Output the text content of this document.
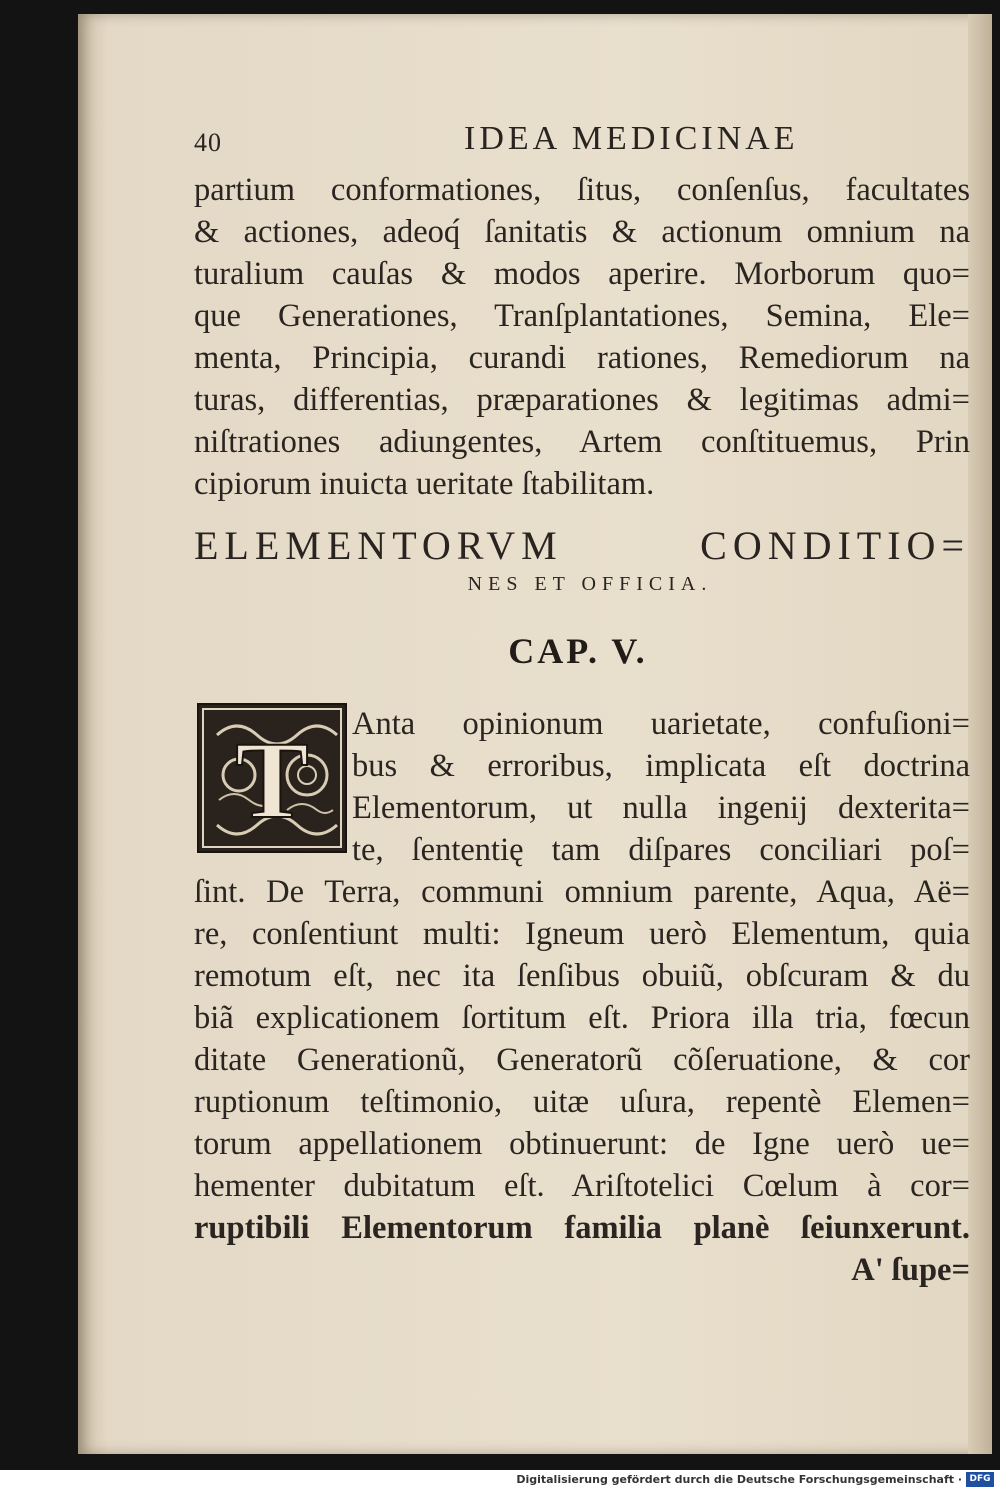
40	IDEA MEDICINAE
partium conformationes, ſitus, conſenſus, facultates
& actiones, adeoq́ ſanitatis & actionum omnium na
turalium cauſas & modos aperire. Morborum quo=
que Generationes, Tranſplantationes, Semina, Ele=
menta, Principia, curandi rationes, Remediorum na
turas, differentias, præparationes & legitimas admi=
niſtrationes adiungentes, Artem conſtituemus, Prin
cipiorum inuicta ueritate ſtabilitam.
ELEMENTORVM CONDITIO=
NES ET OFFICIA.
CAP. V.
T Anta opinionum uarietate, confuſioni=
bus & erroribus, implicata eſt doctrina
Elementorum, ut nulla ingenij dexterita=
te, ſententię tam diſpares conciliari poſ=
ſint. De Terra, communi omnium parente, Aqua, Aë=
re, conſentiunt multi: Igneum uerò Elementum, quia
remotum eſt, nec ita ſenſibus obuiũ, obſcuram & du
biã explicationem ſortitum eſt. Priora illa tria, fœcun
ditate Generationũ, Generatorũ cõſeruatione, & cor
ruptionum teſtimonio, uitæ uſura, repentè Elemen=
torum appellationem obtinuerunt: de Igne uerò ue=
hementer dubitatum eſt. Ariſtotelici Cœlum à cor=
ruptibili Elementorum familia planè ſeiunxerunt.
A' ſupe=
Digitalisierung gefördert durch die Deutsche Forschungsgemeinschaft · DFG
